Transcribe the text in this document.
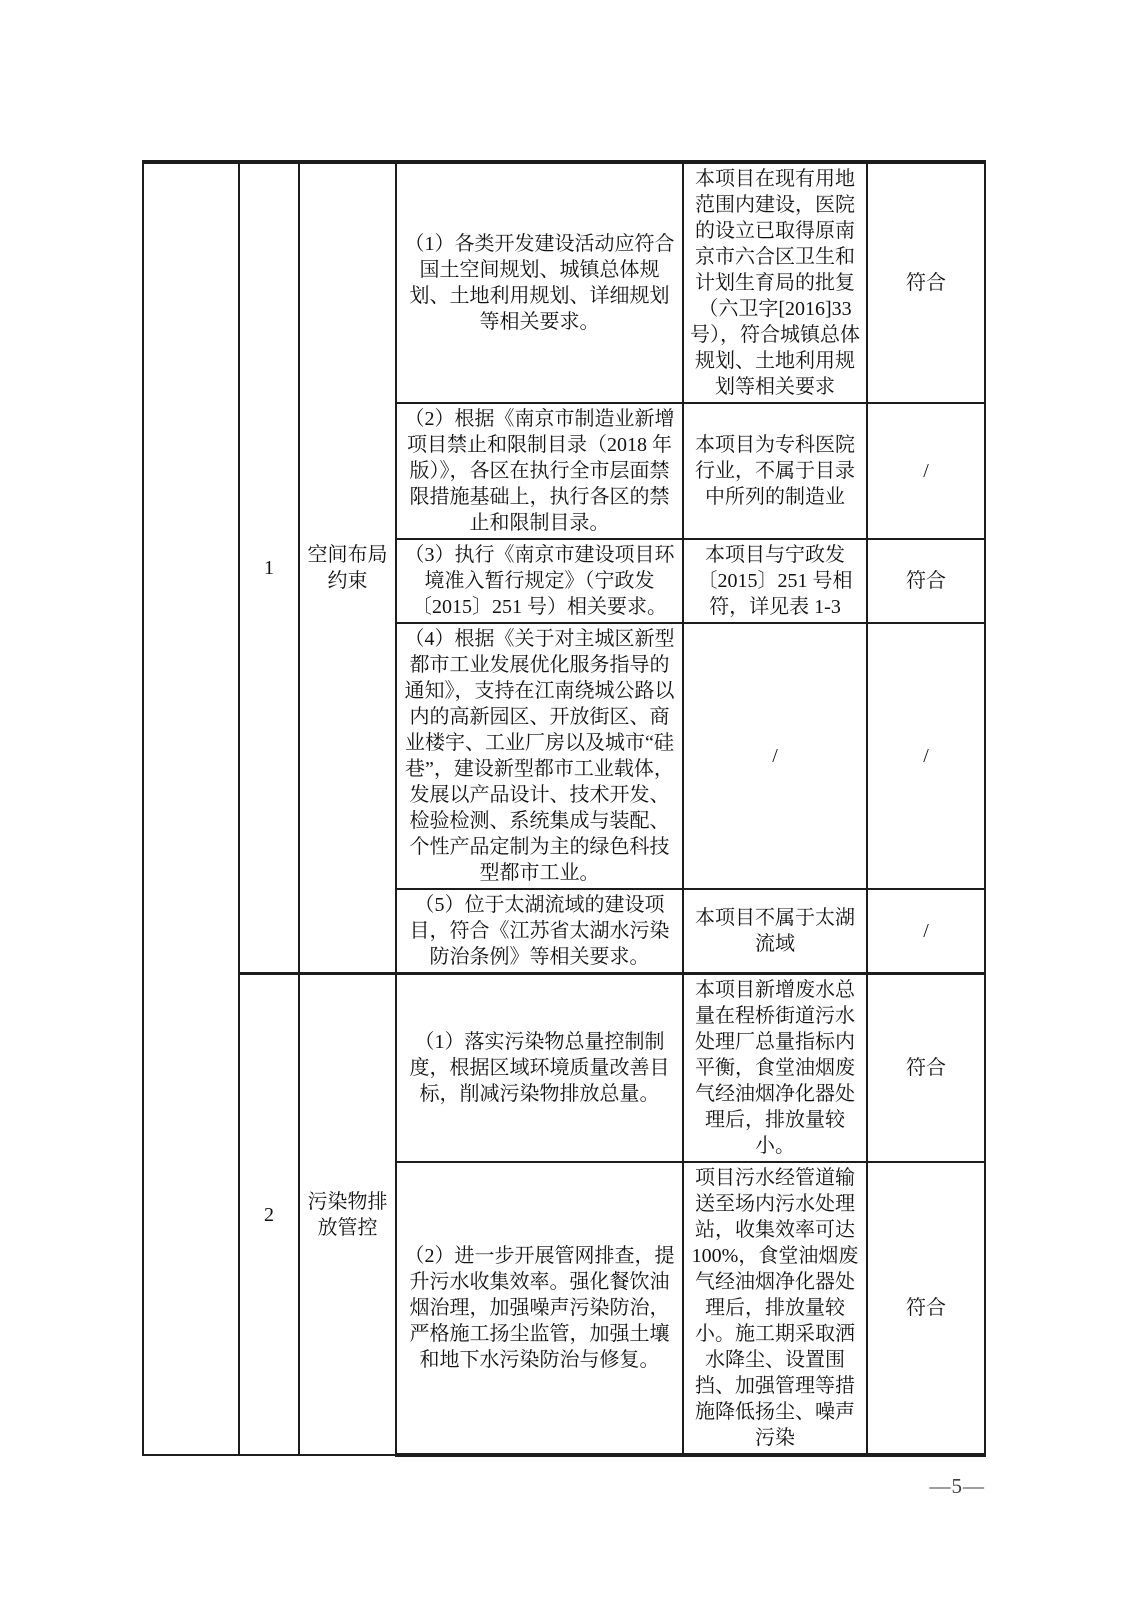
	1	空间布局约束	（1）各类开发建设活动应符合国土空间规划、城镇总体规划、土地利用规划、详细规划等相关要求。	本项目在现有用地范围内建设，医院的设立已取得原南京市六合区卫生和计划生育局的批复（六卫字[2016]33 号），符合城镇总体规划、土地利用规划等相关要求	符合
			（2）根据《南京市制造业新增项目禁止和限制目录（2018 年版）》，各区在执行全市层面禁限措施基础上，执行各区的禁止和限制目录。	本项目为专科医院行业，不属于目录中所列的制造业	/
			（3）执行《南京市建设项目环境准入暂行规定》（宁政发〔2015〕251 号）相关要求。	本项目与宁政发〔2015〕251 号相符，详见表 1-3	符合
			（4）根据《关于对主城区新型都市工业发展优化服务指导的通知》，支持在江南绕城公路以内的高新园区、开放街区、商业楼宇、工业厂房以及城市“硅巷”，建设新型都市工业载体，发展以产品设计、技术开发、检验检测、系统集成与装配、个性产品定制为主的绿色科技型都市工业。	/	/
			（5）位于太湖流域的建设项目，符合《江苏省太湖水污染防治条例》等相关要求。	本项目不属于太湖流域	/
	2	污染物排放管控	（1）落实污染物总量控制制度，根据区域环境质量改善目标，削减污染物排放总量。	本项目新增废水总量在程桥街道污水处理厂总量指标内平衡，食堂油烟废气经油烟净化器处理后，排放量较小。	符合
			（2）进一步开展管网排查，提升污水收集效率。强化餐饮油烟治理，加强噪声污染防治，严格施工扬尘监管，加强土壤和地下水污染防治与修复。	项目污水经管道输送至场内污水处理站，收集效率可达 100%，食堂油烟废气经油烟净化器处理后，排放量较小。施工期采取洒水降尘、设置围挡、加强管理等措施降低扬尘、噪声污染	符合
—5—
